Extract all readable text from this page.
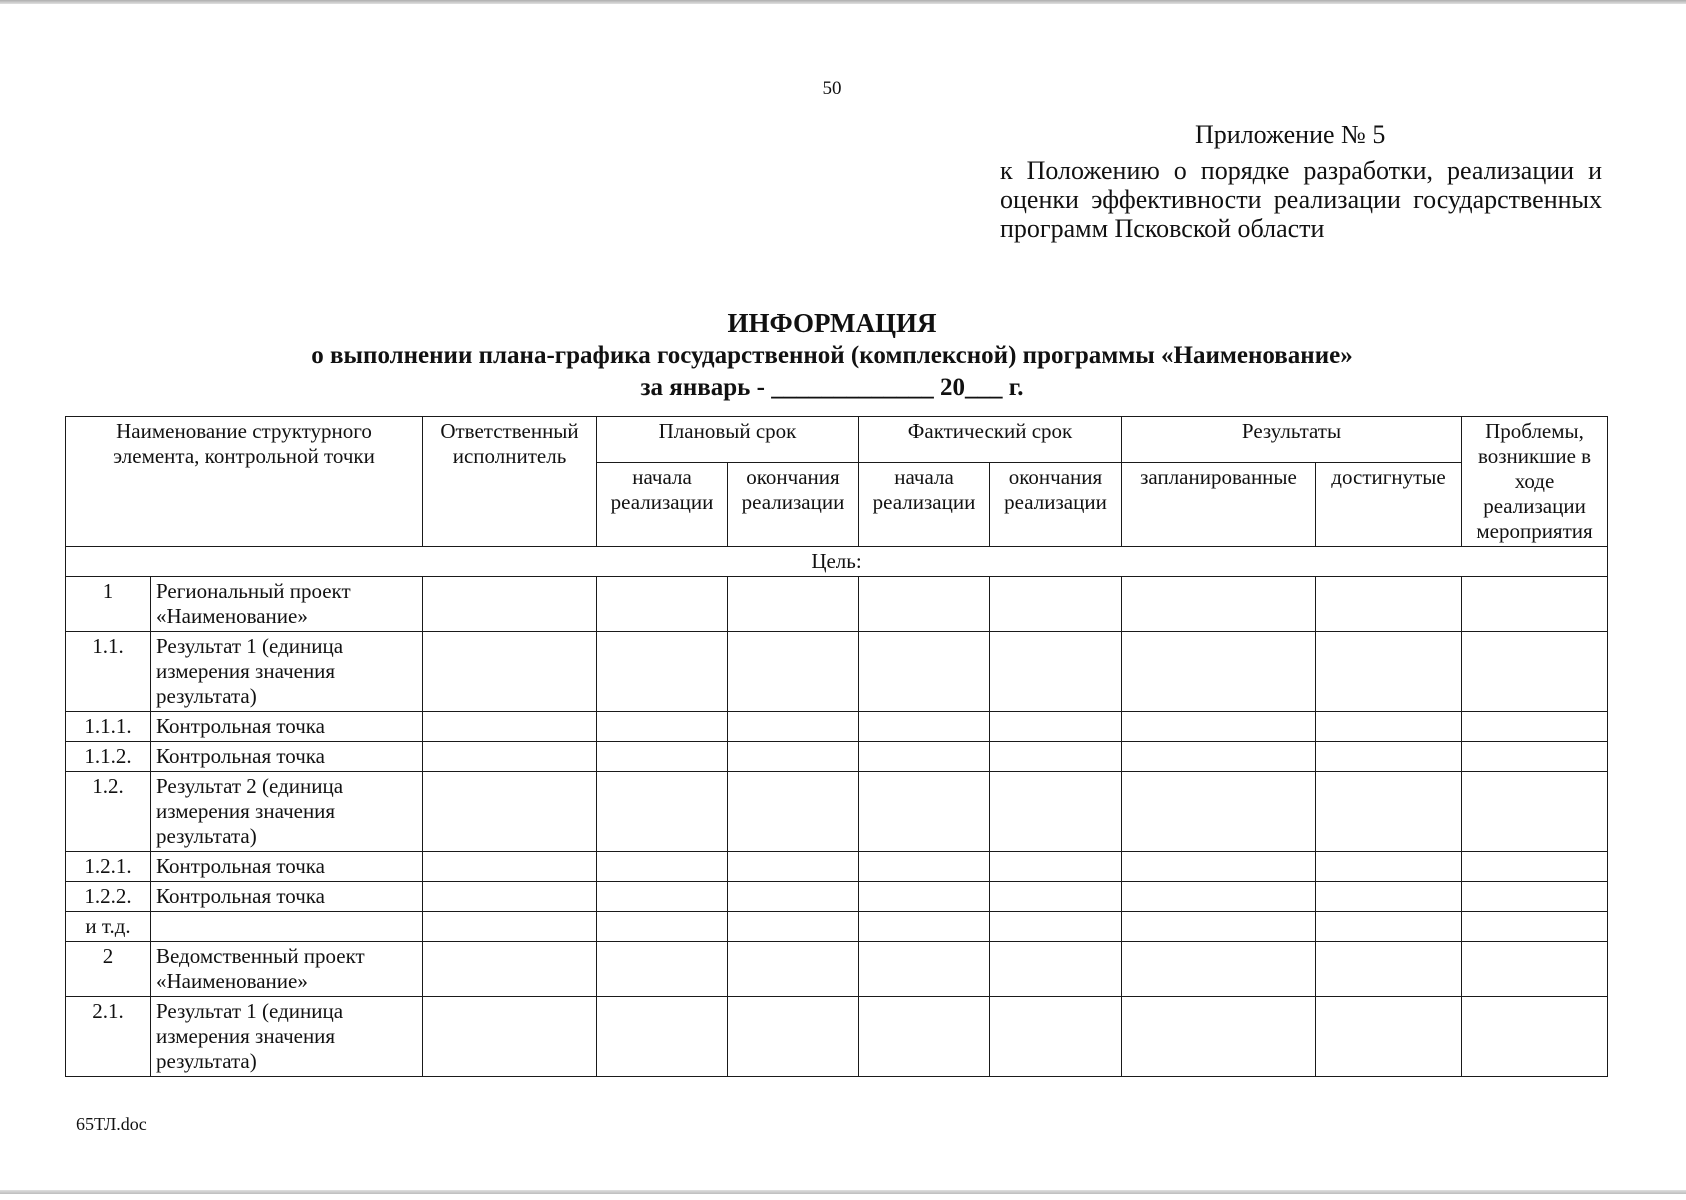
50
Приложение № 5
к Положению о порядке разработки, реализации и оценки эффективности реализации государственных программ Псковской области
ИНФОРМАЦИЯ
о выполнении плана-графика государственной (комплексной) программы «Наименование»
за январь - _____________ 20___ г.
Наименование структурного элемента, контрольной точки		Ответственный исполнитель	Плановый срок		Фактический срок		Результаты		Проблемы, возникшие в ходе реализации мероприятия
			начала реализации	окончания реализации	начала реализации	окончания реализации	запланированные	достигнутые	
Цель:									
1	Региональный проект «Наименование»								
1.1.	Результат 1 (единица измерения значения результата)								
1.1.1.	Контрольная точка								
1.1.2.	Контрольная точка								
1.2.	Результат 2 (единица измерения значения результата)								
1.2.1.	Контрольная точка								
1.2.2.	Контрольная точка								
и т.д.									
2	Ведомственный проект «Наименование»								
2.1.	Результат 1 (единица измерения значения результата)								
65ТЛ.doc
